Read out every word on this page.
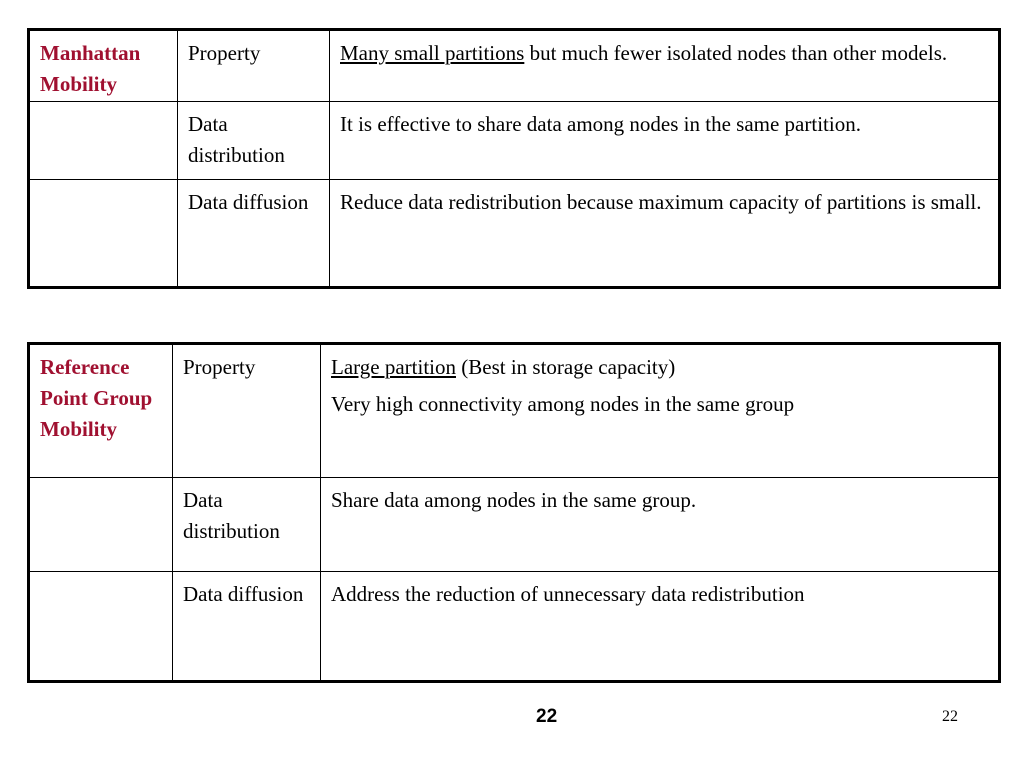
Manhattan Mobility	Property	Many small partitions but much fewer isolated nodes than other models.
	Data distribution	It is effective to share data among nodes in the same partition.
	Data diffusion	Reduce data redistribution because maximum capacity of partitions is small.
Reference Point Group Mobility	Property	Large partition (Best in storage capacity)

Very high connectivity among nodes in the same group

	Data distribution	Share data among nodes in the same group.
	Data diffusion	Address the reduction of unnecessary data redistribution
22	22
